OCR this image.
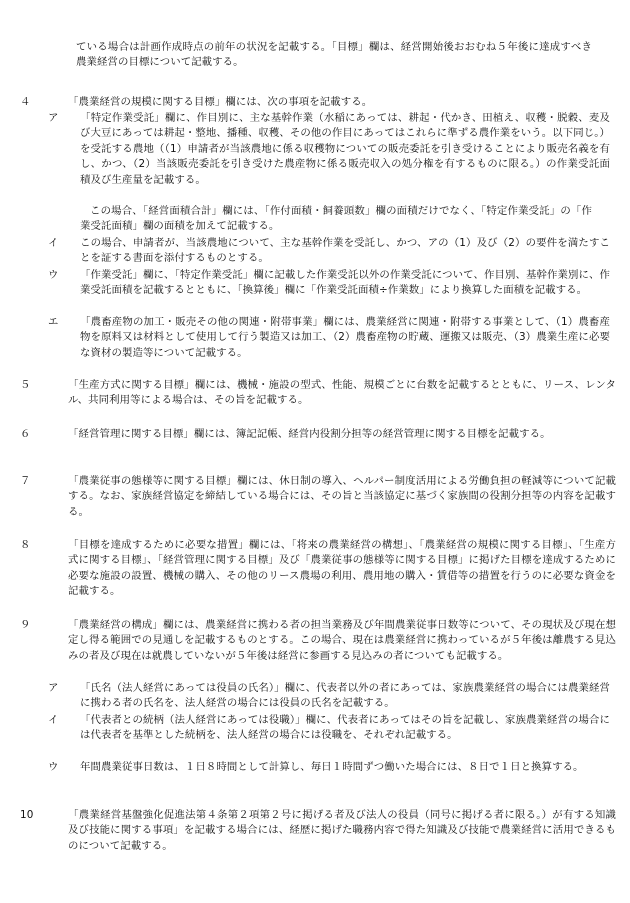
ている場合は計画作成時点の前年の状況を記載する。「目標」欄は、経営開始後おおむね５年後に達成すべき農業経営の目標について記載する。
４	「農業経営の規模に関する目標」欄には、次の事項を記載する。
ア 「特定作業受託」欄に、作目別に、主な基幹作業（水稲にあっては、耕起・代かき、田植え、収穫・脱穀、麦及び大豆にあっては耕起・整地、播種、収穫、その他の作目にあってはこれらに準ずる農作業をいう。以下同じ。）を受託する農地（（1）申請者が当該農地に係る収穫物についての販売委託を引き受けることにより販売名義を有し、かつ、（2）当該販売委託を引き受けた農産物に係る販売収入の処分権を有するものに限る。）の作業受託面積及び生産量を記載する。
この場合、「経営面積合計」欄には、「作付面積・飼養頭数」欄の面積だけでなく、「特定作業受託」の「作業受託面積」欄の面積を加えて記載する。
イ この場合、申請者が、当該農地について、主な基幹作業を受託し、かつ、アの（1）及び（2）の要件を満たすことを証する書面を添付するものとする。
ウ 「作業受託」欄に、「特定作業受託」欄に記載した作業受託以外の作業受託について、作目別、基幹作業別に、作業受託面積を記載するとともに、「換算後」欄に「作業受託面積÷作業数」により換算した面積を記載する。
エ 「農畜産物の加工・販売その他の関連・附帯事業」欄には、農業経営に関連・附帯する事業として、（1）農畜産物を原料又は材料として使用して行う製造又は加工、（2）農畜産物の貯蔵、運搬又は販売、（3）農業生産に必要な資材の製造等について記載する。
５	「生産方式に関する目標」欄には、機械・施設の型式、性能、規模ごとに台数を記載するとともに、リース、レンタル、共同利用等による場合は、その旨を記載する。
６	「経営管理に関する目標」欄には、簿記記帳、経営内役割分担等の経営管理に関する目標を記載する。
７	「農業従事の態様等に関する目標」欄には、休日制の導入、ヘルパー制度活用による労働負担の軽減等について記載する。なお、家族経営協定を締結している場合には、その旨と当該協定に基づく家族間の役割分担等の内容を記載する。
８	「目標を達成するために必要な措置」欄には、「将来の農業経営の構想」、「農業経営の規模に関する目標」、「生産方式に関する目標」、「経営管理に関する目標」及び「農業従事の態様等に関する目標」に掲げた目標を達成するために必要な施設の設置、機械の購入、その他のリース農場の利用、農用地の購入・賃借等の措置を行うのに必要な資金を記載する。
９	「農業経営の構成」欄には、農業経営に携わる者の担当業務及び年間農業従事日数等について、その現状及び現在想定し得る範囲での見通しを記載するものとする。この場合、現在は農業経営に携わっているが５年後は離農する見込みの者及び現在は就農していないが５年後は経営に参画する見込みの者についても記載する。
ア 「氏名（法人経営にあっては役員の氏名）」欄に、代表者以外の者にあっては、家族農業経営の場合には農業経営に携わる者の氏名を、法人経営の場合には役員の氏名を記載する。
イ 「代表者との続柄（法人経営にあっては役職）」欄に、代表者にあってはその旨を記載し、家族農業経営の場合には代表者を基準とした続柄を、法人経営の場合には役職を、それぞれ記載する。
ウ 年間農業従事日数は、１日８時間として計算し、毎日１時間ずつ働いた場合には、８日で１日と換算する。
10	「農業経営基盤強化促進法第４条第２項第２号に掲げる者及び法人の役員（同号に掲げる者に限る。）が有する知識及び技能に関する事項」を記載する場合には、経歴に掲げた職務内容で得た知識及び技能で農業経営に活用できるものについて記載する。
